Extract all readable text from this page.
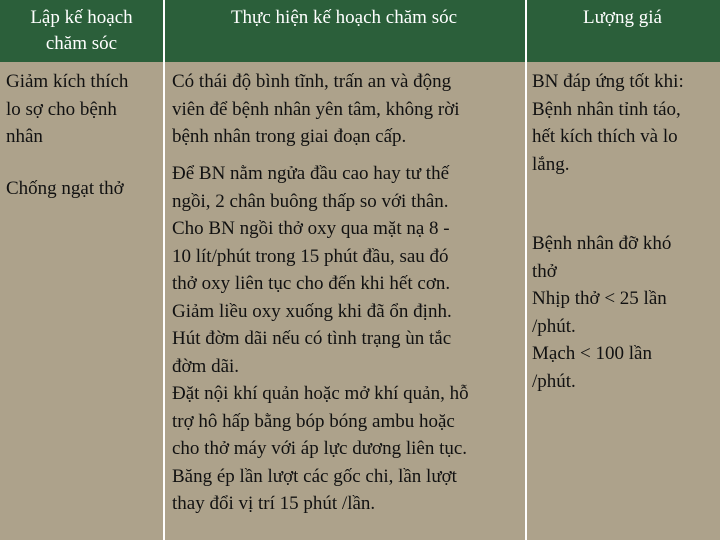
Lập kế hoạch
chăm sóc
Thực hiện kế hoạch chăm sóc	Lượng giá
Giảm kích thích
lo sợ cho bệnh
nhân
Có thái độ bình tĩnh, trấn an và động
viên để bệnh nhân yên tâm, không rời
bệnh nhân trong giai đoạn cấp.
BN đáp ứng tốt khi:
Bệnh nhân tỉnh táo,
hết kích thích và lo
lắng.
Chống ngạt thở
Để BN nằm ngửa đầu cao hay tư thế
ngồi, 2 chân buông thấp so với thân.
Cho BN ngồi thở oxy qua mặt nạ 8 -
10 lít/phút trong 15 phút đầu, sau đó
thở oxy liên tục cho đến khi hết cơn.
Giảm liều oxy xuống khi đã ổn định.
Hút đờm dãi nếu có tình trạng ùn tắc
đờm dãi.
Đặt nội khí quản hoặc mở khí quản, hỗ
trợ hô hấp bằng bóp bóng ambu hoặc
cho thở máy với áp lực dương liên tục.
Băng ép lần lượt các gốc chi, lần lượt
thay đổi vị trí 15 phút /lần.
Bệnh nhân đỡ khó
thở
Nhịp thở < 25 lần
/phút.
Mạch < 100 lần
/phút.
